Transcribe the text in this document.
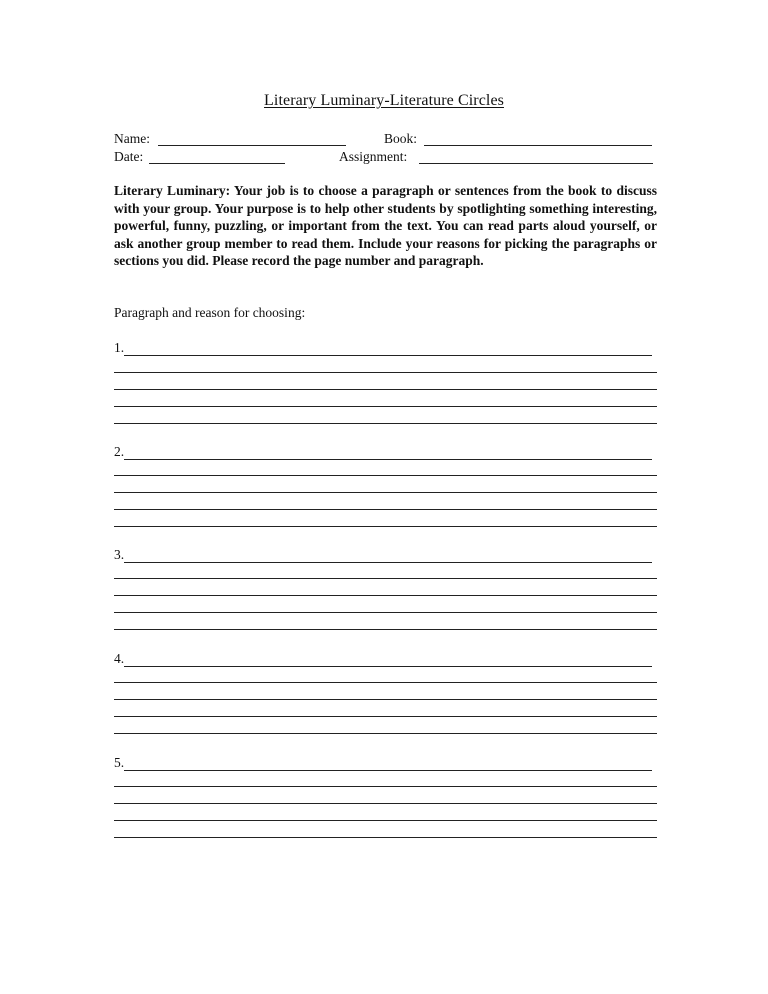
Literary Luminary-Literature Circles
Name:	Book:
Date:	Assignment:
Literary Luminary: Your job is to choose a paragraph or sentences from the book to discuss with your group. Your purpose is to help other students by spotlighting something interesting, powerful, funny, puzzling, or important from the text. You can read parts aloud yourself, or ask another group member to read them. Include your reasons for picking the paragraphs or sections you did. Please record the page number and paragraph.
Paragraph and reason for choosing:
1.
2.
3.
4.
5.
